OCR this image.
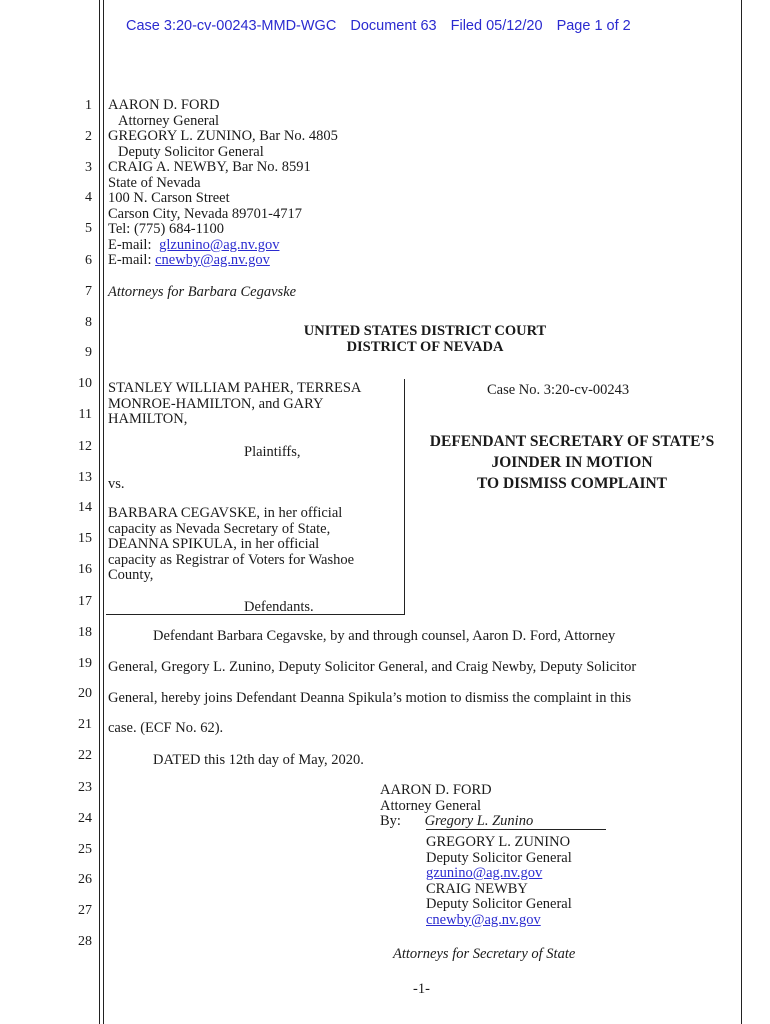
Case 3:20-cv-00243-MMD-WGC Document 63 Filed 05/12/20 Page 1 of 2
1
2
3
4
5
6
7
8
9
10
11
12
13
14
15
16
17
18
19
20
21
22
23
24
25
26
27
28
AARON D. FORD
Attorney General
GREGORY L. ZUNINO, Bar No. 4805
Deputy Solicitor General
CRAIG A. NEWBY, Bar No. 8591
State of Nevada
100 N. Carson Street
Carson City, Nevada 89701-4717
Tel: (775) 684-1100
E-mail: glzunino@ag.nv.gov
E-mail: cnewby@ag.nv.gov
Attorneys for Barbara Cegavske
UNITED STATES DISTRICT COURT
DISTRICT OF NEVADA
STANLEY WILLIAM PAHER, TERRESA
MONROE-HAMILTON, and GARY
HAMILTON,
Plaintiffs,
vs.
BARBARA CEGAVSKE, in her official
capacity as Nevada Secretary of State,
DEANNA SPIKULA, in her official
capacity as Registrar of Voters for Washoe
County,
Defendants.
Case No. 3:20-cv-00243
DEFENDANT SECRETARY OF STATE’S
JOINDER IN MOTION
TO DISMISS COMPLAINT
Defendant Barbara Cegavske, by and through counsel, Aaron D. Ford, Attorney
General, Gregory L. Zunino, Deputy Solicitor General, and Craig Newby, Deputy Solicitor
General, hereby joins Defendant Deanna Spikula’s motion to dismiss the complaint in this
case. (ECF No. 62).
DATED this 12th day of May, 2020.
AARON D. FORD
Attorney General
By: Gregory L. Zunino
GREGORY L. ZUNINO
Deputy Solicitor General
gzunino@ag.nv.gov
CRAIG NEWBY
Deputy Solicitor General
cnewby@ag.nv.gov
Attorneys for Secretary of State
-1-
